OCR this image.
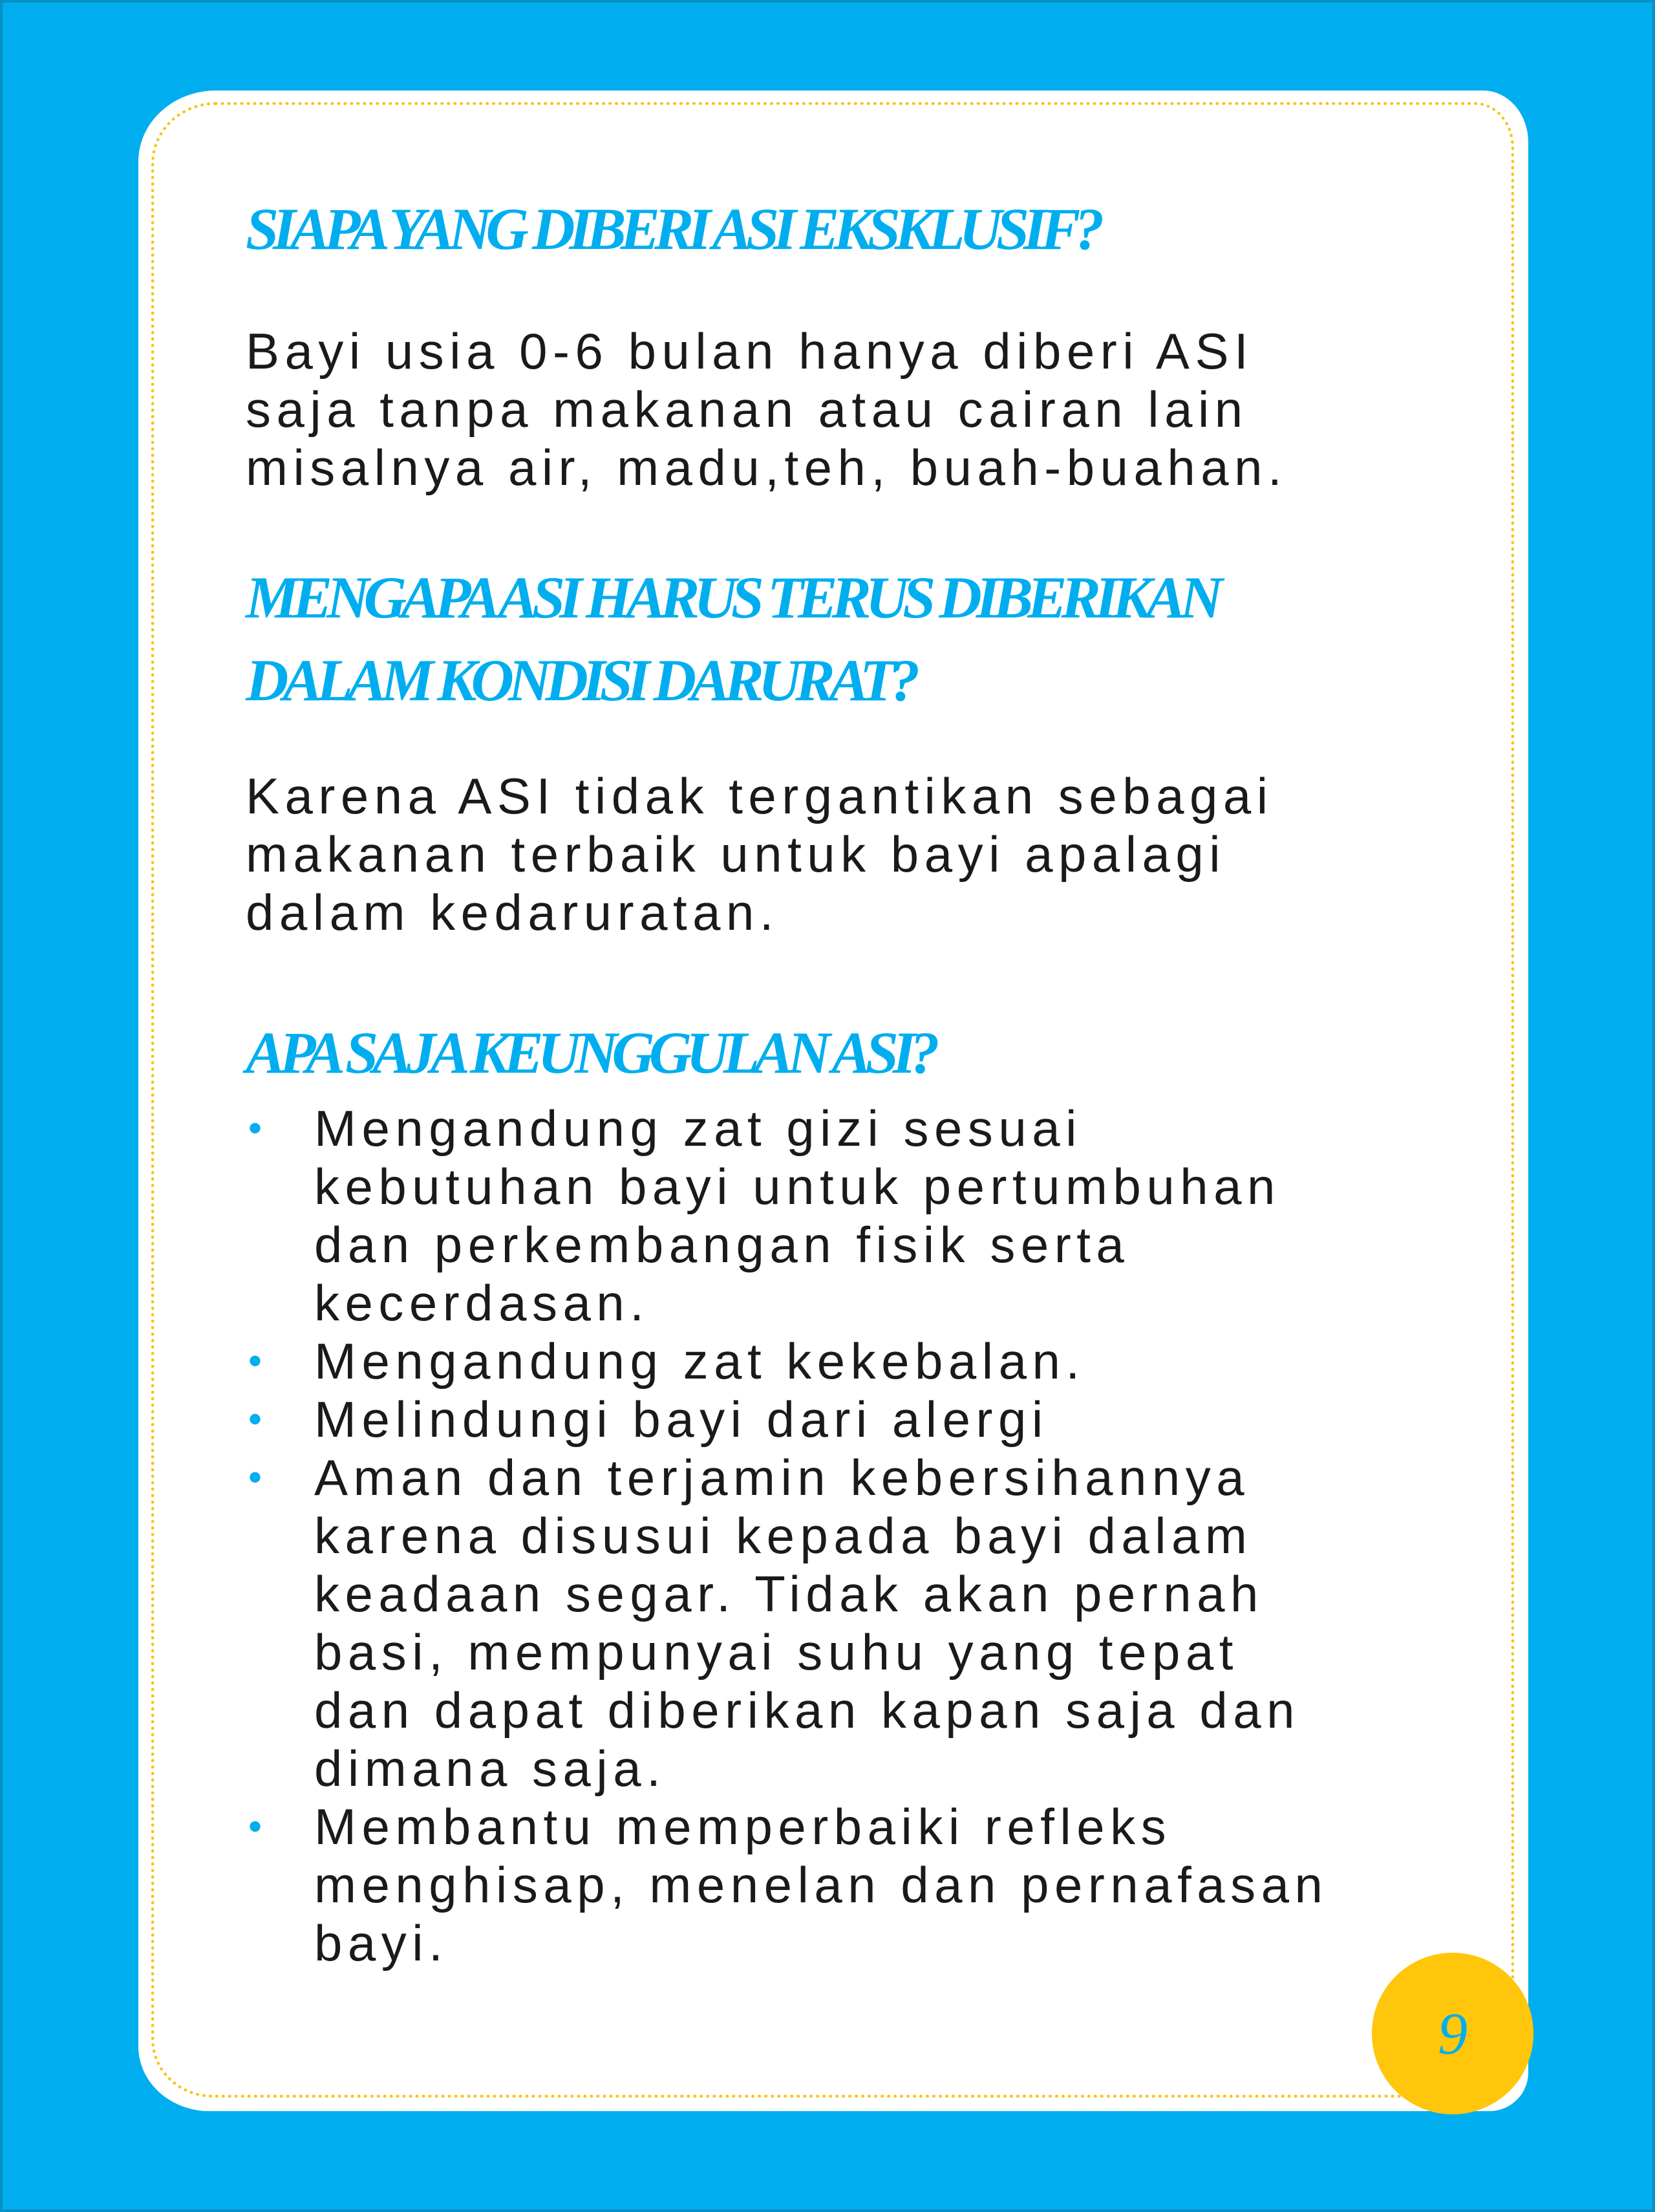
SIAPA YANG DIBERI ASI EKSKLUSIF?

Bayi usia 0-6 bulan hanya diberi ASI
saja tanpa makanan atau cairan lain
misalnya air, madu,teh, buah-buahan.

MENGAPA ASI HARUS TERUS DIBERIKAN
DALAM KONDISI DARURAT?

Karena ASI tidak tergantikan sebagai
makanan terbaik untuk bayi apalagi
dalam kedaruratan.

APA SAJA KEUNGGULAN ASI?
• Mengandung zat gizi sesuai
kebutuhan bayi untuk pertumbuhan
dan perkembangan fisik serta
kecerdasan.
• Mengandung zat kekebalan.
• Melindungi bayi dari alergi
• Aman dan terjamin kebersihannya
karena disusui kepada bayi dalam
keadaan segar. Tidak akan pernah
basi, mempunyai suhu yang tepat
dan dapat diberikan kapan saja dan
dimana saja.
• Membantu memperbaiki refleks
menghisap, menelan dan pernafasan
bayi.
9
